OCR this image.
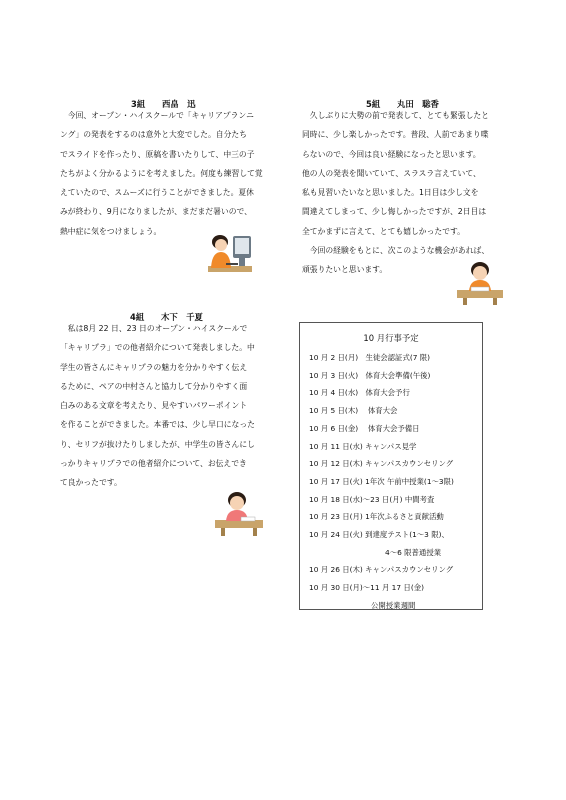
3組　　西畠　迅
　今回、オープン・ハイスクールで「キャリアプランニ
ング」の発表をするのは意外と大変でした。自分たち
でスライドを作ったり、原稿を書いたりして、中三の子
たちがよく分かるようにを考えました。何度も練習して覚
えていたので、スムーズに行うことができました。夏休
みが終わり、9月になりましたが、まだまだ暑いので、
熱中症に気をつけましょう。
4組　　木下　千夏
　私は8月 22 日、23 日のオープン・ハイスクールで
「キャリプラ」での他者紹介について発表しました。中
学生の皆さんにキャリプラの魅力を分かりやすく伝え
るために、ペアの中村さんと協力して分かりやすく面
白みのある文章を考えたり、見やすいパワーポイント
を作ることができました。本番では、少し早口になった
り、セリフが抜けたりしましたが、中学生の皆さんにし
っかりキャリプラでの他者紹介について、お伝えでき
て良かったです。
5組　　丸田　聡香
　久しぶりに大勢の前で発表して、とても緊張したと
同時に、少し楽しかったです。普段、人前であまり喋
らないので、今回は良い経験になったと思います。
他の人の発表を聞いていて、スラスラ言えていて、
私も見習いたいなと思いました。1日目は少し文を
間違えてしまって、少し悔しかったですが、2日目は
全てかまずに言えて、とても嬉しかったです。
　今回の経験をもとに、次このような機会があれば、
頑張りたいと思います。
10 月行事予定
10 月 2 日(月)　生徒会認証式(7 限)
10 月 3 日(火)　体育大会準備(午後)
10 月 4 日(水)　体育大会予行
10 月 5 日(木)　 体育大会
10 月 6 日(金)　 体育大会予備日
10 月 11 日(水) キャンパス見学
10 月 12 日(木) キャンパスカウンセリング
10 月 17 日(火) 1年次 午前中授業(1～3限)
10 月 18 日(水)～23 日(月) 中間考査
10 月 23 日(月) 1年次ふるさと貢献活動
10 月 24 日(火) 到達度テスト(1～3 限)、
4～6 限普通授業
10 月 26 日(木) キャンパスカウンセリング
10 月 30 日(月)～11 月 17 日(金)
公開授業週間
